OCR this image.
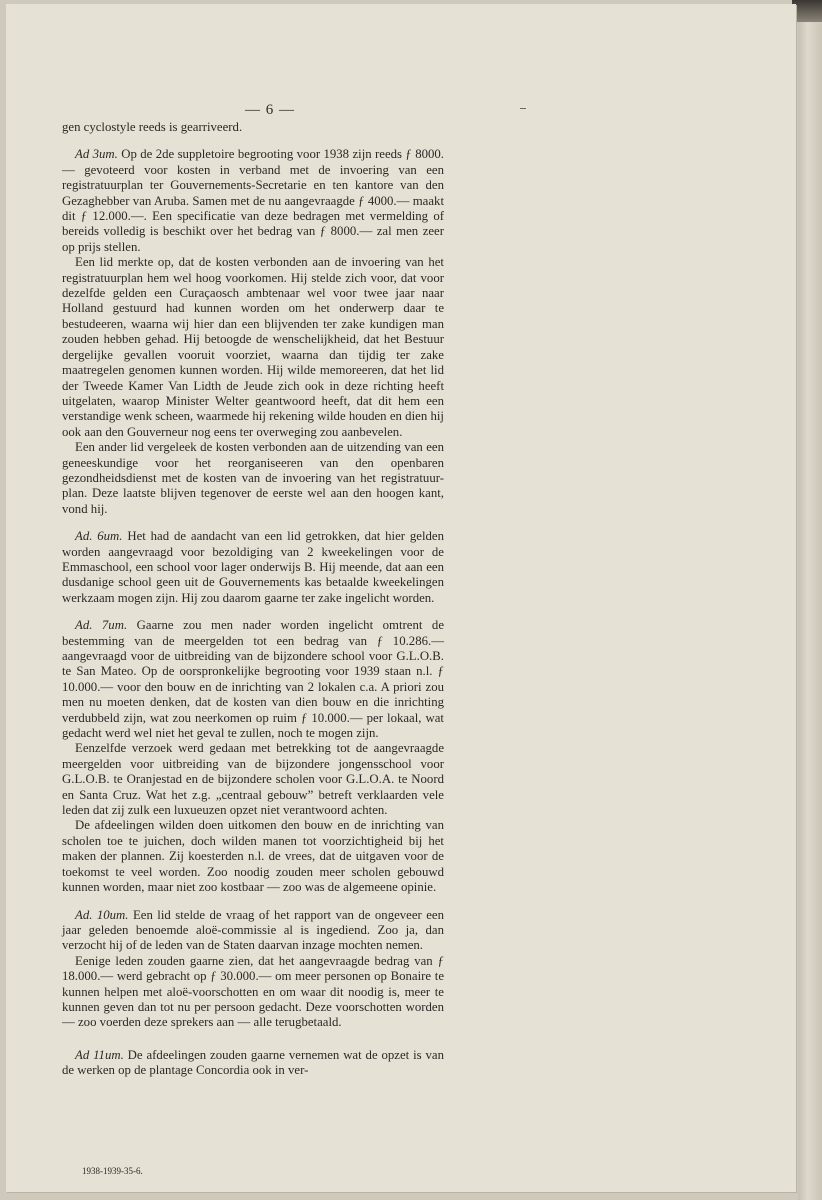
— 6 —

gen cyclostyle reeds is gearriveerd.

Ad 3um. Op de 2de suppletoire begrooting voor 1938 zijn reeds ƒ 8000.— gevoteerd voor kosten in verband met de invoering van een registratuurplan ter Gouvernements-Secretarie en ten kantore van den Gezaghebber van Aruba. Samen met de nu aangevraagde ƒ 4000.— maakt dit ƒ 12.000.—. Een specificatie van deze bedragen met vermelding of bereids volledig is beschikt over het bedrag van ƒ 8000.— zal men zeer op prijs stellen.

Een lid merkte op, dat de kosten verbonden aan de invoering van het registratuurplan hem wel hoog voorkomen. Hij stelde zich voor, dat voor dezelfde gelden een Curaçaosch ambtenaar wel voor twee jaar naar Holland gestuurd had kunnen worden om het onderwerp daar te bestudeeren, waarna wij hier dan een blijvenden ter zake kundigen man zouden hebben gehad. Hij betoogde de wenschelijkheid, dat het Bestuur dergelijke gevallen vooruit voorziet, waarna dan tijdig ter zake maatregelen genomen kunnen worden. Hij wilde memoreeren, dat het lid der Tweede Kamer Van Lidth de Jeude zich ook in deze richting heeft uitgelaten, waarop Minister Welter geantwoord heeft, dat dit hem een verstandige wenk scheen, waarmede hij rekening wilde houden en dien hij ook aan den Gouverneur nog eens ter overweging zou aanbevelen.

Een ander lid vergeleek de kosten verbonden aan de uitzending van een geneeskundige voor het reorganiseeren van den openbaren gezondheidsdienst met de kosten van de invoering van het registratuur-plan. Deze laatste blijven tegenover de eerste wel aan den hoogen kant, vond hij.

Ad. 6um. Het had de aandacht van een lid getrokken, dat hier gelden worden aangevraagd voor bezoldiging van 2 kweekelingen voor de Emmaschool, een school voor lager onderwijs B. Hij meende, dat aan een dusdanige school geen uit de Gouvernements kas betaalde kweekelingen werkzaam mogen zijn. Hij zou daarom gaarne ter zake ingelicht worden.

Ad. 7um. Gaarne zou men nader worden ingelicht omtrent de bestemming van de meergelden tot een bedrag van ƒ 10.286.— aangevraagd voor de uitbreiding van de bijzondere school voor G.L.O.B. te San Mateo. Op de oorspronkelijke begrooting voor 1939 staan n.l. ƒ 10.000.— voor den bouw en de inrichting van 2 lokalen c.a. A priori zou men nu moeten denken, dat de kosten van dien bouw en die inrichting verdubbeld zijn, wat zou neerkomen op ruim ƒ 10.000.— per lokaal, wat gedacht werd wel niet het geval te zullen, noch te mogen zijn.

Eenzelfde verzoek werd gedaan met betrekking tot de aangevraagde meergelden voor uitbreiding van de bijzondere jongensschool voor G.L.O.B. te Oranjestad en de bijzondere scholen voor G.L.O.A. te Noord en Santa Cruz. Wat het z.g. „centraal gebouw” betreft verklaarden vele leden dat zij zulk een luxueuzen opzet niet verantwoord achten.

De afdeelingen wilden doen uitkomen den bouw en de inrichting van scholen toe te juichen, doch wilden manen tot voorzichtigheid bij het maken der plannen. Zij koesterden n.l. de vrees, dat de uitgaven voor de toekomst te veel worden. Zoo noodig zouden meer scholen gebouwd kunnen worden, maar niet zoo kostbaar — zoo was de algemeene opinie.

Ad. 10um. Een lid stelde de vraag of het rapport van de ongeveer een jaar geleden benoemde aloë-commissie al is ingediend. Zoo ja, dan verzocht hij of de leden van de Staten daarvan inzage mochten nemen.

Eenige leden zouden gaarne zien, dat het aangevraagde bedrag van ƒ 18.000.— werd gebracht op ƒ 30.000.— om meer personen op Bonaire te kunnen helpen met aloë-voorschotten en om waar dit noodig is, meer te kunnen geven dan tot nu per persoon gedacht. Deze voorschotten worden — zoo voerden deze sprekers aan — alle terugbetaald.

Ad 11um. De afdeelingen zouden gaarne vernemen wat de opzet is van de werken op de plantage Concordia ook in ver-

1938-1939-35-6.
